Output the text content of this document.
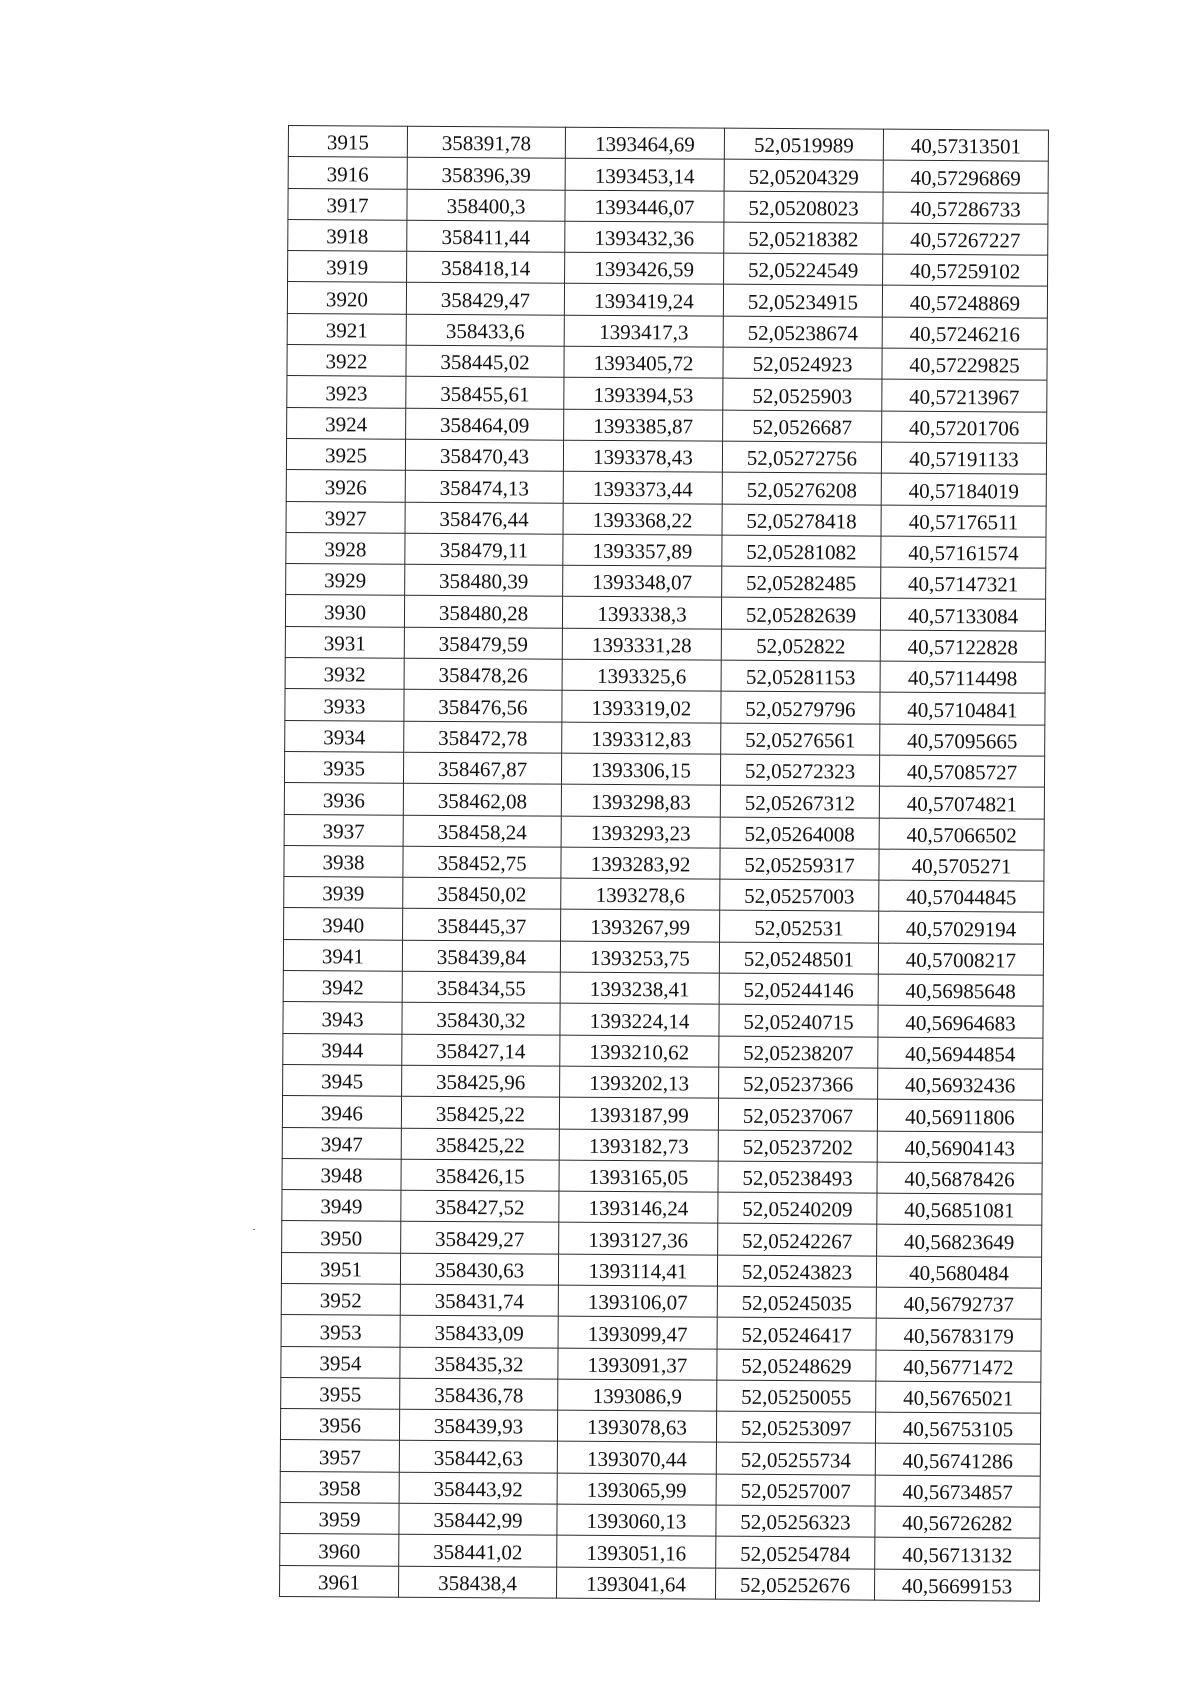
3915	358391,78	1393464,69	52,0519989	40,57313501
3916	358396,39	1393453,14	52,05204329	40,57296869
3917	358400,3	1393446,07	52,05208023	40,57286733
3918	358411,44	1393432,36	52,05218382	40,57267227
3919	358418,14	1393426,59	52,05224549	40,57259102
3920	358429,47	1393419,24	52,05234915	40,57248869
3921	358433,6	1393417,3	52,05238674	40,57246216
3922	358445,02	1393405,72	52,0524923	40,57229825
3923	358455,61	1393394,53	52,0525903	40,57213967
3924	358464,09	1393385,87	52,0526687	40,57201706
3925	358470,43	1393378,43	52,05272756	40,57191133
3926	358474,13	1393373,44	52,05276208	40,57184019
3927	358476,44	1393368,22	52,05278418	40,57176511
3928	358479,11	1393357,89	52,05281082	40,57161574
3929	358480,39	1393348,07	52,05282485	40,57147321
3930	358480,28	1393338,3	52,05282639	40,57133084
3931	358479,59	1393331,28	52,052822	40,57122828
3932	358478,26	1393325,6	52,05281153	40,57114498
3933	358476,56	1393319,02	52,05279796	40,57104841
3934	358472,78	1393312,83	52,05276561	40,57095665
3935	358467,87	1393306,15	52,05272323	40,57085727
3936	358462,08	1393298,83	52,05267312	40,57074821
3937	358458,24	1393293,23	52,05264008	40,57066502
3938	358452,75	1393283,92	52,05259317	40,5705271
3939	358450,02	1393278,6	52,05257003	40,57044845
3940	358445,37	1393267,99	52,052531	40,57029194
3941	358439,84	1393253,75	52,05248501	40,57008217
3942	358434,55	1393238,41	52,05244146	40,56985648
3943	358430,32	1393224,14	52,05240715	40,56964683
3944	358427,14	1393210,62	52,05238207	40,56944854
3945	358425,96	1393202,13	52,05237366	40,56932436
3946	358425,22	1393187,99	52,05237067	40,56911806
3947	358425,22	1393182,73	52,05237202	40,56904143
3948	358426,15	1393165,05	52,05238493	40,56878426
3949	358427,52	1393146,24	52,05240209	40,56851081
3950	358429,27	1393127,36	52,05242267	40,56823649
3951	358430,63	1393114,41	52,05243823	40,5680484
3952	358431,74	1393106,07	52,05245035	40,56792737
3953	358433,09	1393099,47	52,05246417	40,56783179
3954	358435,32	1393091,37	52,05248629	40,56771472
3955	358436,78	1393086,9	52,05250055	40,56765021
3956	358439,93	1393078,63	52,05253097	40,56753105
3957	358442,63	1393070,44	52,05255734	40,56741286
3958	358443,92	1393065,99	52,05257007	40,56734857
3959	358442,99	1393060,13	52,05256323	40,56726282
3960	358441,02	1393051,16	52,05254784	40,56713132
3961	358438,4	1393041,64	52,05252676	40,56699153
